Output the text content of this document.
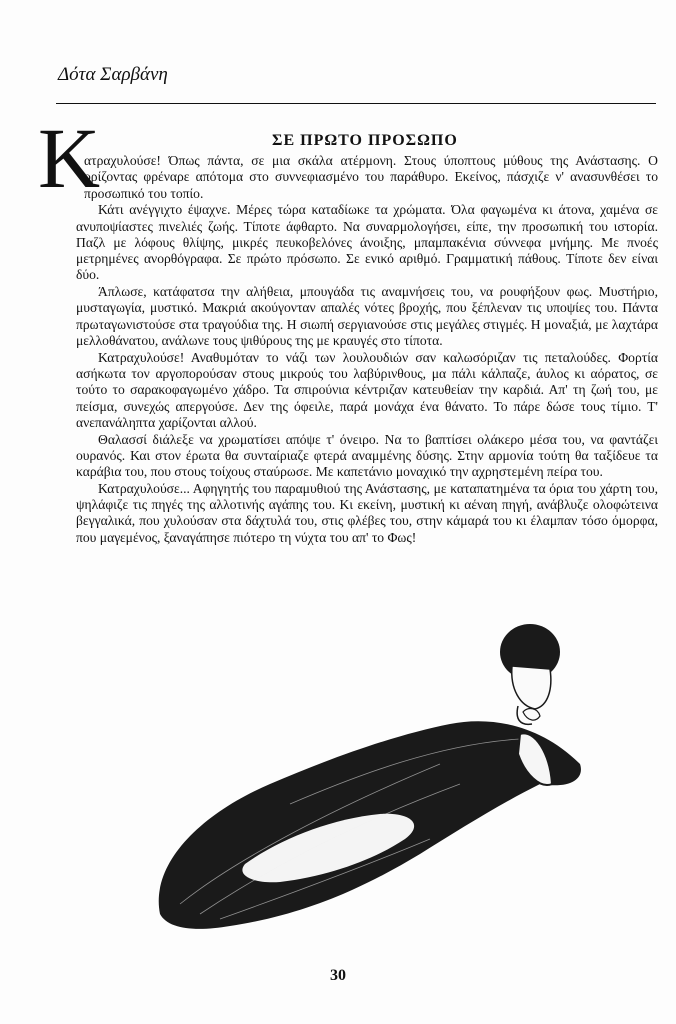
Δότα Σαρβάνη
Κ	ΣΕ ΠΡΩΤΟ ΠΡΟΣΩΠΟ

ατραχυλούσε! Όπως πάντα, σε μια σκάλα ατέρμονη. Στους ύποπτους μύθους της Ανάστασης. Ο ορίζοντας φρέναρε απότομα στο συννεφιασμένο του παράθυρο. Εκείνος, πάσχιζε ν' ανασυνθέσει το προσωπικό του τοπίο.

Κάτι ανέγγιχτο έψαχνε. Μέρες τώρα καταδίωκε τα χρώματα. Όλα φαγωμένα κι άτονα, χαμένα σε ανυποψίαστες πινελιές ζωής. Τίποτε άφθαρτο. Να συναρμολογήσει, είπε, την προσωπική του ιστορία. Παζλ με λόφους θλίψης, μικρές πευκοβελόνες άνοιξης, μπαμπακένια σύννεφα μνήμης. Με πνοές μετρημένες ανορθόγραφα. Σε πρώτο πρόσωπο. Σε ενικό αριθμό. Γραμματική πάθους. Τίποτε δεν είναι δύο.

Άπλωσε, κατάφατσα την αλήθεια, μπουγάδα τις αναμνήσεις του, να ρουφήξουν φως. Μυστήριο, μυσταγωγία, μυστικό. Μακριά ακούγονταν απαλές νότες βροχής, που ξέπλεναν τις υποψίες του. Πάντα πρωταγωνιστούσε στα τραγούδια της. Η σιωπή σεργιανούσε στις μεγάλες στιγμές. Η μοναξιά, με λαχτάρα μελλοθάνατου, ανάλωνε τους ψιθύρους της με κραυγές στο τίποτα.

Κατραχυλούσε! Αναθυμόταν το νάζι των λουλουδιών σαν καλωσόριζαν τις πεταλούδες. Φορτία ασήκωτα τον αργοπορούσαν στους μικρούς του λαβύρινθους, μα πάλι κάλπαζε, άυλος κι αόρατος, σε τούτο το σαρακοφαγωμένο χάδρο. Τα σπιρούνια κέντριζαν κατευθείαν την καρδιά. Απ' τη ζωή του, με πείσμα, συνεχώς απεργούσε. Δεν της όφειλε, παρά μονάχα ένα θάνατο. Το πάρε δώσε τους τίμιο. Τ' ανεπανάληπτα χαρίζονται αλλού.

Θαλασσί διάλεξε να χρωματίσει απόψε τ' όνειρο. Να το βαπτίσει ολάκερο μέσα του, να φαντάζει ουρανός. Και στον έρωτα θα συνταίριαζε φτερά αναμμένης δύσης. Στην αρμονία τούτη θα ταξίδευε τα καράβια του, που στους τοίχους σταύρωσε. Με καπετάνιο μοναχικό την αχρηστεμένη πείρα του.

Κατραχυλούσε... Αφηγητής του παραμυθιού της Ανάστασης, με καταπατημένα τα όρια του χάρτη του, ψηλάφιζε τις πηγές της αλλοτινής αγάπης του. Κι εκείνη, μυστική κι αέναη πηγή, ανάβλυζε ολοφώτεινα βεγγαλικά, που χυλούσαν στα δάχτυλά του, στις φλέβες του, στην κάμαρά του κι έλαμπαν τόσο όμορφα, που μαγεμένος, ξαναγάπησε πιότερο τη νύχτα του απ' το Φως!

30
